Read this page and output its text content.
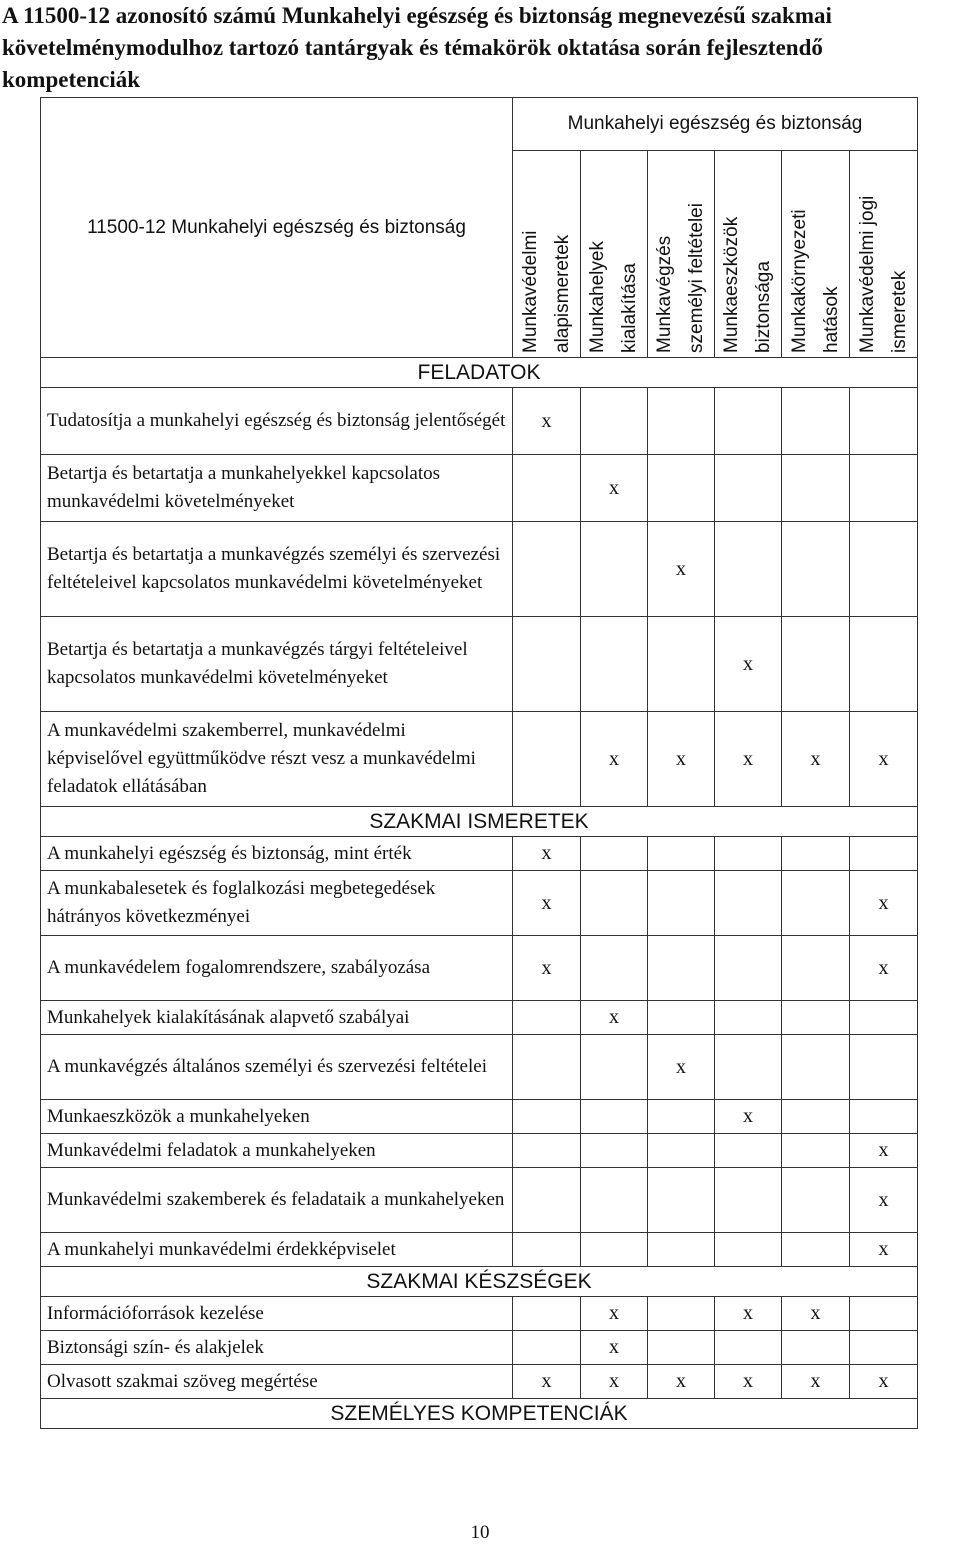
A 11500-12 azonosító számú Munkahelyi egészség és biztonság megnevezésű szakmai követelménymodulhoz tartozó tantárgyak és témakörök oktatása során fejlesztendő kompetenciák
11500-12 Munkahelyi egészség és biztonság	Munkahelyi egészség és biztonság					

	Munkavédelmi alapismeretek	Munkahelyek kialakítása	Munkavégzés személyi feltételei	Munkaeszközök biztonsága	Munkakörnyezeti hatások	Munkavédelmi jogi ismeretek

FELADATOK						
Tudatosítja a munkahelyi egészség és biztonság jelentőségét	x					
Betartja és betartatja a munkahelyekkel kapcsolatos munkavédelmi követelményeket		x				
Betartja és betartatja a munkavégzés személyi és szervezési feltételeivel kapcsolatos munkavédelmi követelményeket			x			
Betartja és betartatja a munkavégzés tárgyi feltételeivel kapcsolatos munkavédelmi követelményeket				x		
A munkavédelmi szakemberrel, munkavédelmi képviselővel együttműködve részt vesz a munkavédelmi feladatok ellátásában		x	x	x	x	x
SZAKMAI ISMERETEK						
A munkahelyi egészség és biztonság, mint érték	x					
A munkabalesetek és foglalkozási megbetegedések hátrányos következményei	x					x
A munkavédelem fogalomrendszere, szabályozása	x					x
Munkahelyek kialakításának alapvető szabályai		x				
A munkavégzés általános személyi és szervezési feltételei			x			
Munkaeszközök a munkahelyeken				x		
Munkavédelmi feladatok a munkahelyeken						x
Munkavédelmi szakemberek és feladataik a munkahelyeken						x
A munkahelyi munkavédelmi érdekképviselet						x
SZAKMAI KÉSZSÉGEK						
Információforrások kezelése		x		x	x	
Biztonsági szín- és alakjelek		x				
Olvasott szakmai szöveg megértése	x	x	x	x	x	x
SZEMÉLYES KOMPETENCIÁK						
10
